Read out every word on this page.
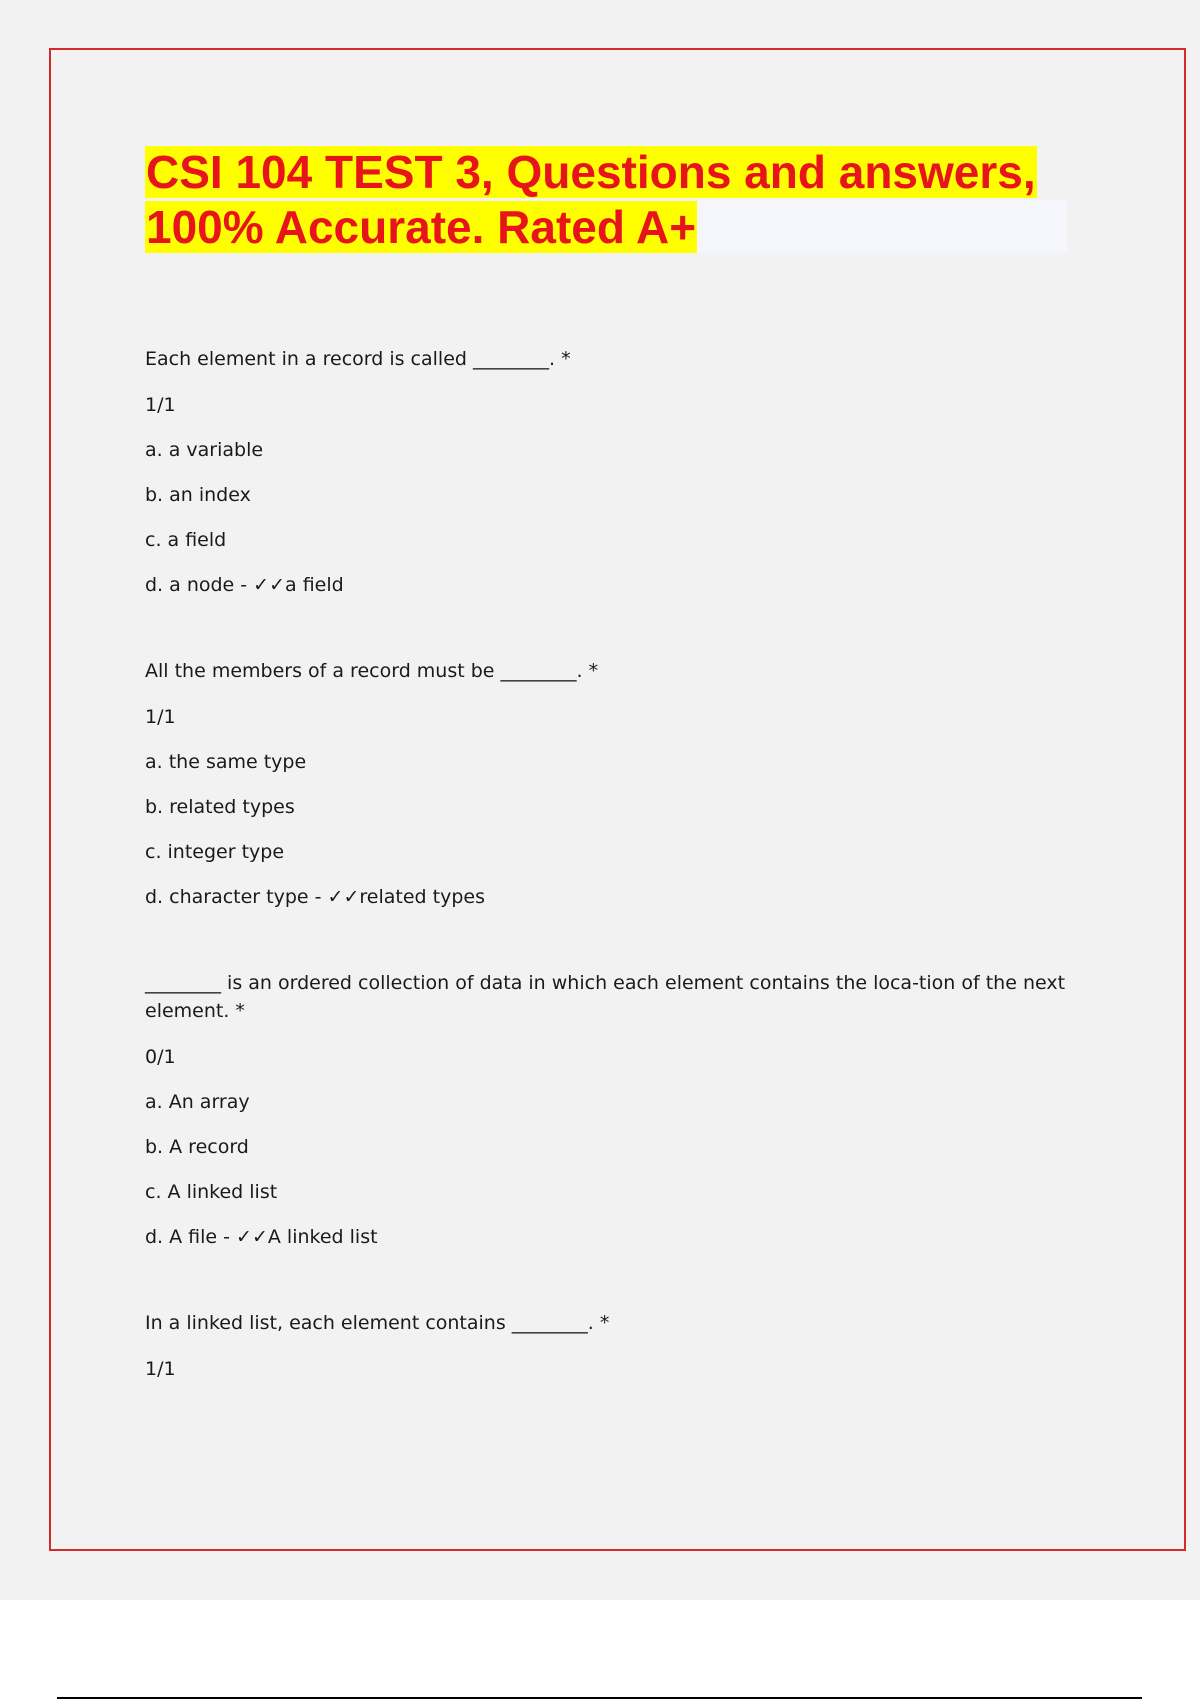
CSI 104 TEST 3, Questions and answers,
100% Accurate. Rated A+
Each element in a record is called ________. *
1/1
a. a variable
b. an index
c. a field
d. a node - ✓✓a field
All the members of a record must be ________. *
1/1
a. the same type
b. related types
c. integer type
d. character type - ✓✓related types
________ is an ordered collection of data in which each element contains the loca-tion of the next element. *
0/1
a. An array
b. A record
c. A linked list
d. A file - ✓✓A linked list
In a linked list, each element contains ________. *
1/1
